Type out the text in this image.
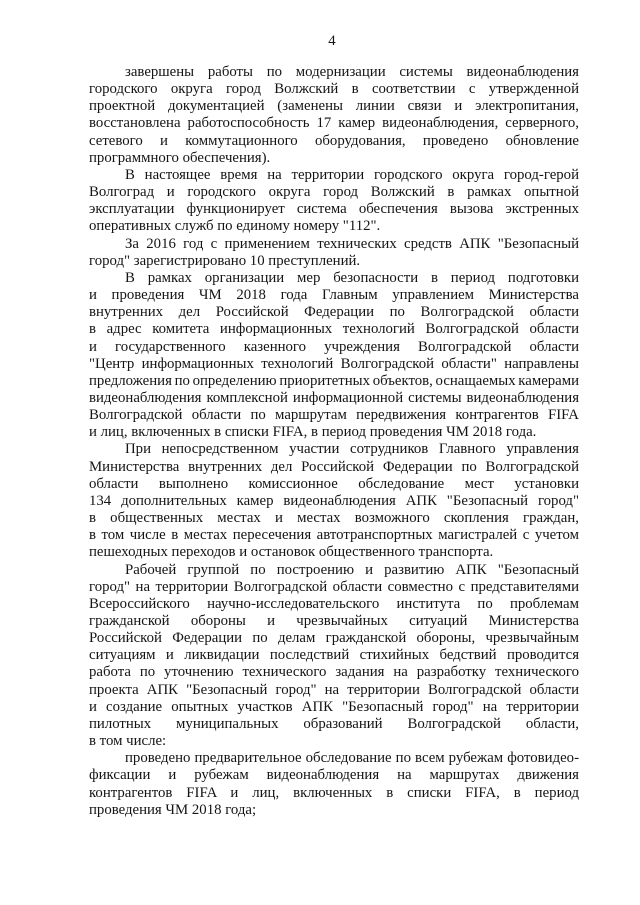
4
завершены работы по модернизации системы видеонаблюдения
городского округа город Волжский в соответствии с утвержденной
проектной документацией (заменены линии связи и электропитания,
восстановлена работоспособность 17 камер видеонаблюдения, серверного,
сетевого и коммутационного оборудования, проведено обновление
программного обеспечения).
В настоящее время на территории городского округа город-герой
Волгоград и городского округа город Волжский в рамках опытной
эксплуатации функционирует система обеспечения вызова экстренных
оперативных служб по единому номеру "112".
За 2016 год с применением технических средств АПК "Безопасный
город" зарегистрировано 10 преступлений.
В рамках организации мер безопасности в период подготовки
и проведения ЧМ 2018 года Главным управлением Министерства
внутренних дел Российской Федерации по Волгоградской области
в адрес комитета информационных технологий Волгоградской области
и государственного казенного учреждения Волгоградской области
"Центр информационных технологий Волгоградской области" направлены
предложения по определению приоритетных объектов, оснащаемых камерами
видеонаблюдения комплексной информационной системы видеонаблюдения
Волгоградской области по маршрутам передвижения контрагентов FIFA
и лиц, включенных в списки FIFA, в период проведения ЧМ 2018 года.
При непосредственном участии сотрудников Главного управления
Министерства внутренних дел Российской Федерации по Волгоградской
области выполнено комиссионное обследование мест установки
134 дополнительных камер видеонаблюдения АПК "Безопасный город"
в общественных местах и местах возможного скопления граждан,
в том числе в местах пересечения автотранспортных магистралей с учетом
пешеходных переходов и остановок общественного транспорта.
Рабочей группой по построению и развитию АПК "Безопасный
город" на территории Волгоградской области совместно с представителями
Всероссийского научно-исследовательского института по проблемам
гражданской обороны и чрезвычайных ситуаций Министерства
Российской Федерации по делам гражданской обороны, чрезвычайным
ситуациям и ликвидации последствий стихийных бедствий проводится
работа по уточнению технического задания на разработку технического
проекта АПК "Безопасный город" на территории Волгоградской области
и создание опытных участков АПК "Безопасный город" на территории
пилотных муниципальных образований Волгоградской области,
в том числе:
проведено предварительное обследование по всем рубежам фотовидео-
фиксации и рубежам видеонаблюдения на маршрутах движения
контрагентов FIFA и лиц, включенных в списки FIFA, в период
проведения ЧМ 2018 года;
